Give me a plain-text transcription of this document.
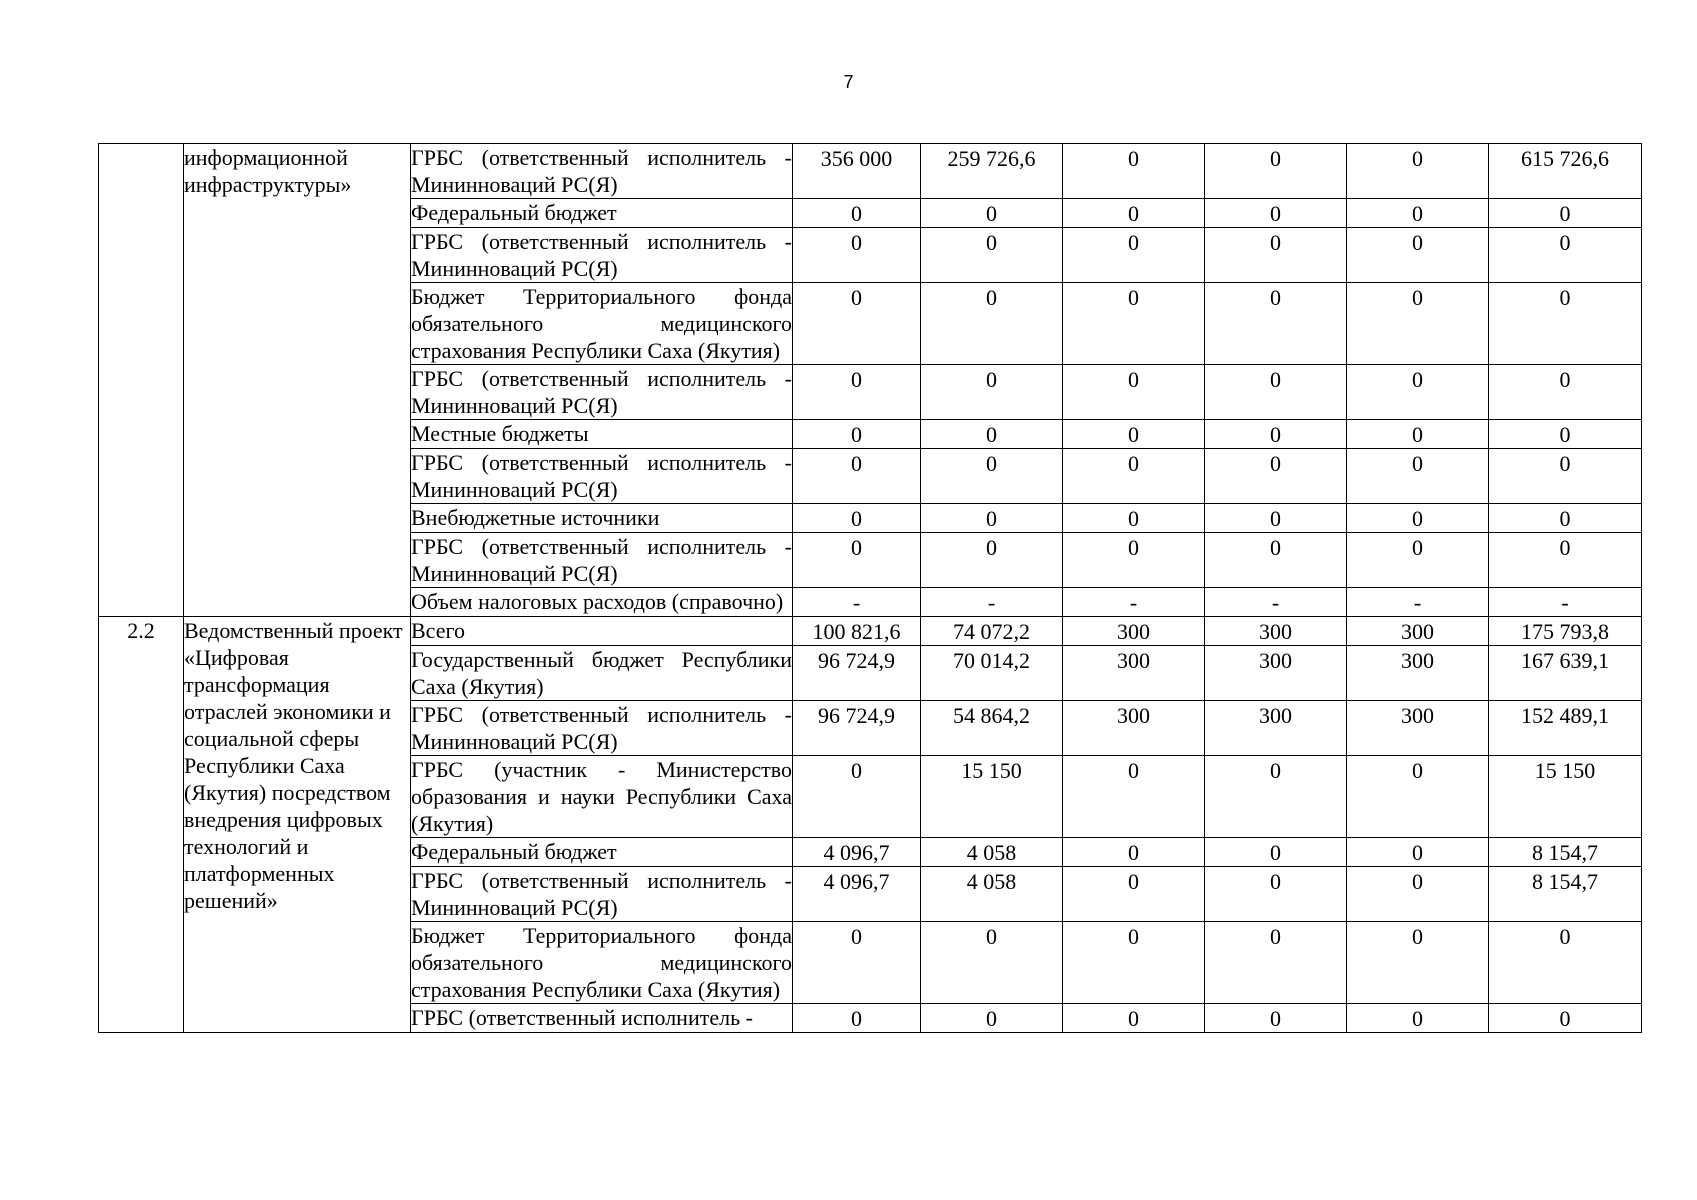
7
	информационной инфраструктуры»	ГРБС (ответственный исполнитель - Мининноваций РС(Я)	356 000	259 726,6	0	0	0	615 726,6

		Федеральный бюджет	0	0	0	0	0	0

		ГРБС (ответственный исполнитель - Мининноваций РС(Я)	0	0	0	0	0	0

		Бюджет Территориального фонда обязательного медицинского страхования Республики Саха (Якутия)	0	0	0	0	0	0

		ГРБС (ответственный исполнитель - Мининноваций РС(Я)	0	0	0	0	0	0

		Местные бюджеты	0	0	0	0	0	0

		ГРБС (ответственный исполнитель - Мининноваций РС(Я)	0	0	0	0	0	0

		Внебюджетные источники	0	0	0	0	0	0

		ГРБС (ответственный исполнитель - Мининноваций РС(Я)	0	0	0	0	0	0

		Объем налоговых расходов (справочно)	-	-	-	-	-	-

2.2	Ведомственный проект «Цифровая трансформация отраслей экономики и социальной сферы Республики Саха (Якутия) посредством внедрения цифровых технологий и платформенных решений»	Всего	100 821,6	74 072,2	300	300	300	175 793,8

		Государственный бюджет Республики Саха (Якутия)	96 724,9	70 014,2	300	300	300	167 639,1

		ГРБС (ответственный исполнитель - Мининноваций РС(Я)	96 724,9	54 864,2	300	300	300	152 489,1

		ГРБС (участник - Министерство образования и науки Республики Саха (Якутия)	0	15 150	0	0	0	15 150

		Федеральный бюджет	4 096,7	4 058	0	0	0	8 154,7

		ГРБС (ответственный исполнитель - Мининноваций РС(Я)	4 096,7	4 058	0	0	0	8 154,7

		Бюджет Территориального фонда обязательного медицинского страхования Республики Саха (Якутия)	0	0	0	0	0	0

		ГРБС (ответственный исполнитель -	0	0	0	0	0	0
